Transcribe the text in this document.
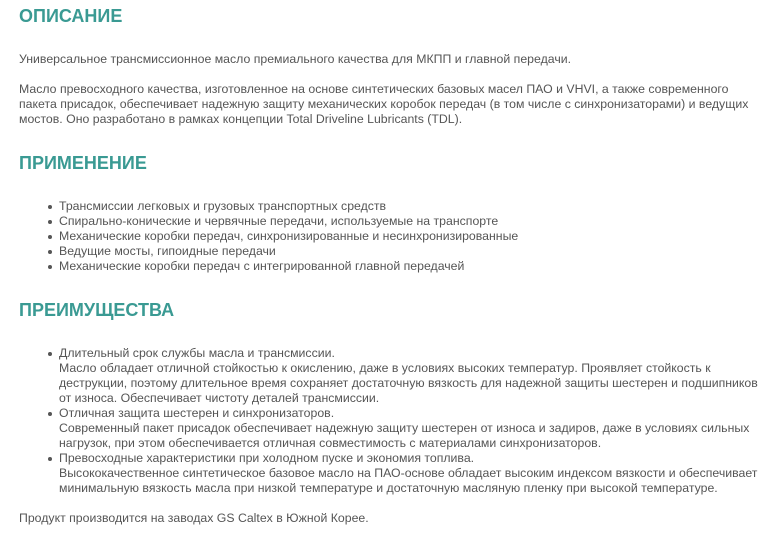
ОПИСАНИЕ

Универсальное трансмиссионное масло премиального качества для МКПП и главной передачи.

Масло превосходного качества, изготовленное на основе синтетических базовых масел ПАО и VHVI, а также современного пакета присадок, обеспечивает надежную защиту механических коробок передач (в том числе с синхронизаторами) и ведущих мостов. Оно разработано в рамках концепции Total Driveline Lubricants (TDL).

ПРИМЕНЕНИЕ
Трансмиссии легковых и грузовых транспортных средств
Спирально-конические и червячные передачи, используемые на транспорте
Механические коробки передач, синхронизированные и несинхронизированные
Ведущие мосты, гипоидные передачи
Механические коробки передач с интегрированной главной передачей
ПРЕИМУЩЕСТВА
Длительный срок службы масла и трансмиссии.
Масло обладает отличной стойкостью к окислению, даже в условиях высоких температур. Проявляет стойкость к деструкции, поэтому длительное время сохраняет достаточную вязкость для надежной защиты шестерен и подшипников от износа. Обеспечивает чистоту деталей трансмиссии.
Отличная защита шестерен и синхронизаторов.
Современный пакет присадок обеспечивает надежную защиту шестерен от износа и задиров, даже в условиях сильных нагрузок, при этом обеспечивается отличная совместимость с материалами синхронизаторов.
Превосходные характеристики при холодном пуске и экономия топлива.
Высококачественное синтетическое базовое масло на ПАО-основе обладает высоким индексом вязкости и обеспечивает минимальную вязкость масла при низкой температуре и достаточную масляную пленку при высокой температуре.

Продукт производится на заводах GS Caltex в Южной Корее.
